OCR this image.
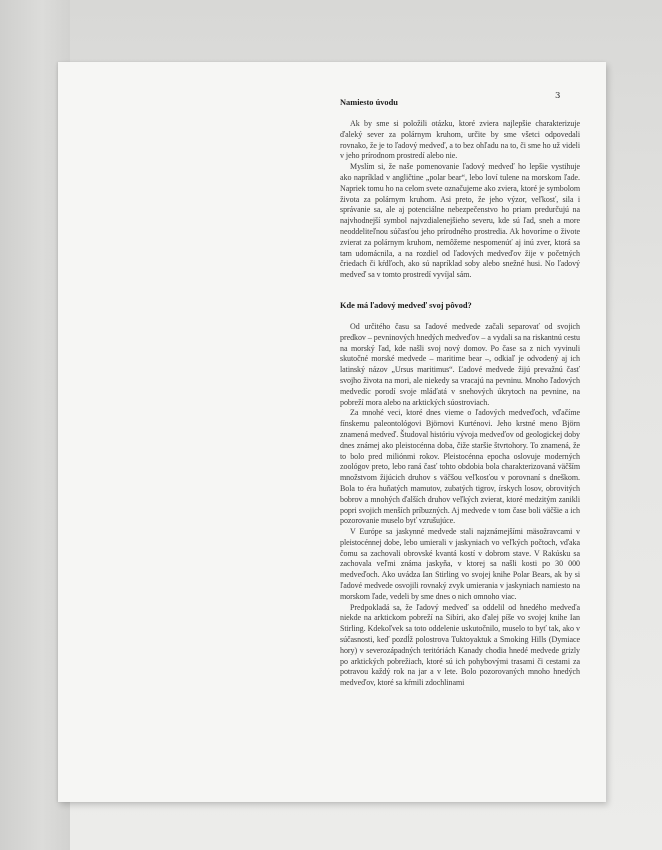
3
Namiesto úvodu

Ak by sme si položili otázku, ktoré zviera najlepšie charakterizuje ďaleký sever za polárnym kruhom, určite by sme všetci odpovedali rovnako, že je to ľadový medveď, a to bez ohľadu na to, či sme ho už videli v jeho prírodnom prostredí alebo nie.

Myslím si, že naše pomenovanie ľadový medveď ho lepšie vystihuje ako napríklad v angličtine „polar bear“, lebo loví tulene na morskom ľade. Napriek tomu ho na celom svete označujeme ako zviera, ktoré je symbolom života za polárnym kruhom. Asi preto, že jeho výzor, veľkosť, sila i správanie sa, ale aj potenciálne nebezpečenstvo ho priam predurčujú na najvhodnejší symbol najvzdialenejšieho severu, kde sú ľad, sneh a more neoddeliteľnou súčasťou jeho prírodného prostredia. Ak hovoríme o živote zvierat za polárnym kruhom, nemôžeme nespomenúť aj inú zver, ktorá sa tam udomácnila, a na rozdiel od ľadových medveďov žije v početných čriedach či kŕdľoch, ako sú napríklad soby alebo snežné husi. No ľadový medveď sa v tomto prostredí vyvíjal sám.

Kde má ľadový medveď svoj pôvod?

Od určitého času sa ľadové medvede začali separovať od svojich predkov – pevninových hnedých medveďov – a vydali sa na riskantnú cestu na morský ľad, kde našli svoj nový domov. Po čase sa z nich vyvinuli skutočné morské medvede – maritime bear –, odkiaľ je odvodený aj ich latinský názov „Ursus maritimus“. Ľadové medvede žijú prevažnú časť svojho života na mori, ale niekedy sa vracajú na pevninu. Mnoho ľadových medvedíc porodí svoje mláďatá v snehových úkrytoch na pevnine, na pobreží mora alebo na arktických súostroviach.

Za mnohé veci, ktoré dnes vieme o ľadových medveďoch, vďačíme fínskemu paleontológovi Björnovi Kurténovi. Jeho krstné meno Björn znamená medveď. Študoval históriu vývoja medveďov od geologickej doby dnes známej ako pleistocénna doba, čiže staršie štvrtohory. To znamená, že to bolo pred miliónmi rokov. Pleistocénna epocha oslovuje moderných zoológov preto, lebo raná časť tohto obdobia bola charakterizovaná väčším množstvom žijúcich druhov s väčšou veľkosťou v porovnaní s dneškom. Bola to éra huňatých mamutov, zubatých tigrov, írskych losov, obrovitých bobrov a mnohých ďalších druhov veľkých zvierat, ktoré medzitým zanikli popri svojich menších príbuzných. Aj medvede v tom čase boli väčšie a ich pozorovanie muselo byť vzrušujúce.

V Európe sa jaskynné medvede stali najznámejšími mäsožravcami v pleistocénnej dobe, lebo umierali v jaskyniach vo veľkých počtoch, vďaka čomu sa zachovali obrovské kvantá kostí v dobrom stave. V Rakúsku sa zachovala veľmi známa jaskyňa, v ktorej sa našli kosti po 30 000 medveďoch. Ako uvádza Ian Stirling vo svojej knihe Polar Bears, ak by si ľadové medvede osvojili rovnaký zvyk umierania v jaskyniach namiesto na morskom ľade, vedeli by sme dnes o nich omnoho viac.

Predpokladá sa, že ľadový medveď sa oddelil od hnedého medveďa niekde na arktickom pobreží na Sibíri, ako ďalej píše vo svojej knihe Ian Stirling. Kdekoľvek sa toto oddelenie uskutočnilo, muselo to byť tak, ako v súčasnosti, keď pozdĺž polostrova Tuktoyaktuk a Smoking Hills (Dymiace hory) v severozápadných teritóriách Kanady chodia hnedé medvede grizly po arktických pobrežiach, ktoré sú ich pohybovými trasami či cestami za potravou každý rok na jar a v lete. Bolo pozorovaných mnoho hnedých medveďov, ktoré sa kŕmili zdochlinami
